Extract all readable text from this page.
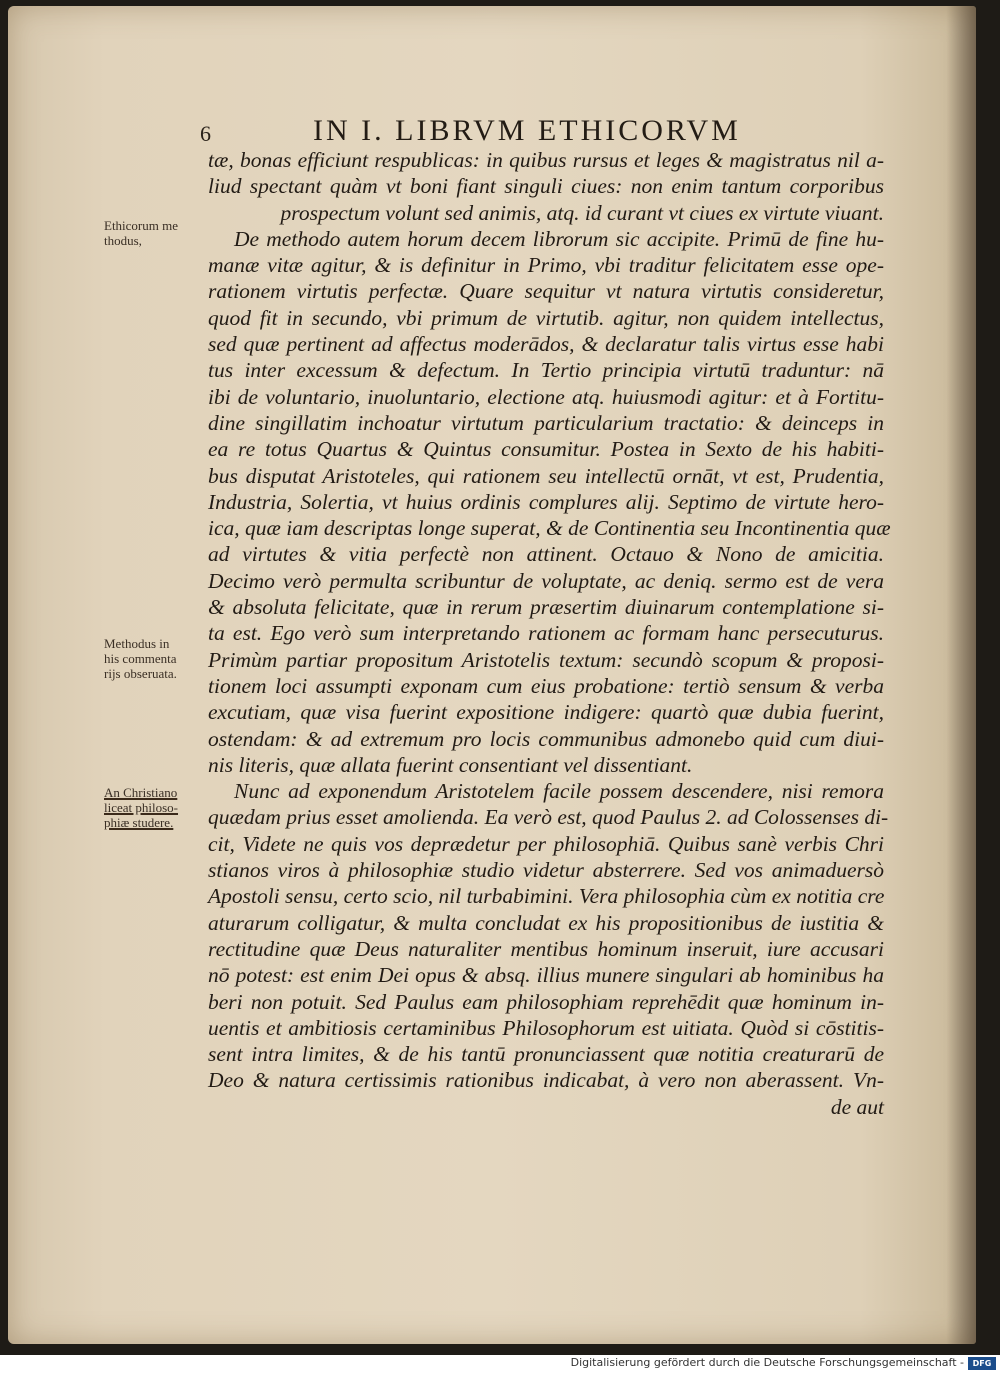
6	IN I. LIBRVM ETHICORVM
Ethicorum me
thodus,
Methodus in
his commenta
rijs obseruata.
An Christiano
liceat philoso-
phiæ studere.
tæ, bonas efficiunt respublicas: in quibus rursus et leges & magistratus nil a-
liud spectant quàm vt boni fiant singuli ciues: non enim tantum corporibus
prospectum volunt sed animis, atq. id curant vt ciues ex virtute viuant.
De methodo autem horum decem librorum sic accipite. Primū de fine hu-
manæ vitæ agitur, & is definitur in Primo, vbi traditur felicitatem esse ope-
rationem virtutis perfectæ. Quare sequitur vt natura virtutis consideretur,
quod fit in secundo, vbi primum de virtutib. agitur, non quidem intellectus,
sed quæ pertinent ad affectus moderādos, & declaratur talis virtus esse habi
tus inter excessum & defectum. In Tertio principia virtutū traduntur: nā
ibi de voluntario, inuoluntario, electione atq. huiusmodi agitur: et à Fortitu-
dine singillatim inchoatur virtutum particularium tractatio: & deinceps in
ea re totus Quartus & Quintus consumitur. Postea in Sexto de his habiti-
bus disputat Aristoteles, qui rationem seu intellectū ornāt, vt est, Prudentia,
Industria, Solertia, vt huius ordinis complures alij. Septimo de virtute hero-
ica, quæ iam descriptas longe superat, & de Continentia seu Incontinentia quæ
ad virtutes & vitia perfectè non attinent. Octauo & Nono de amicitia.
Decimo verò permulta scribuntur de voluptate, ac deniq. sermo est de vera
& absoluta felicitate, quæ in rerum præsertim diuinarum contemplatione si-
ta est. Ego verò sum interpretando rationem ac formam hanc persecuturus.
Primùm partiar propositum Aristotelis textum: secundò scopum & proposi-
tionem loci assumpti exponam cum eius probatione: tertiò sensum & verba
excutiam, quæ visa fuerint expositione indigere: quartò quæ dubia fuerint,
ostendam: & ad extremum pro locis communibus admonebo quid cum diui-
nis literis, quæ allata fuerint consentiant vel dissentiant.
Nunc ad exponendum Aristotelem facile possem descendere, nisi remora
quædam prius esset amolienda. Ea verò est, quod Paulus 2. ad Colossenses di-
cit, Videte ne quis vos deprædetur per philosophiā. Quibus sanè verbis Chri
stianos viros à philosophiæ studio videtur absterrere. Sed vos animaduersò
Apostoli sensu, certo scio, nil turbabimini. Vera philosophia cùm ex notitia cre
aturarum colligatur, & multa concludat ex his propositionibus de iustitia &
rectitudine quæ Deus naturaliter mentibus hominum inseruit, iure accusari
nō potest: est enim Dei opus & absq. illius munere singulari ab hominibus ha
beri non potuit. Sed Paulus eam philosophiam reprehēdit quæ hominum in-
uentis et ambitiosis certaminibus Philosophorum est uitiata. Quòd si cōstitis-
sent intra limites, & de his tantū pronunciassent quæ notitia creaturarū de
Deo & natura certissimis rationibus indicabat, à vero non aberassent. Vn-
de aut
Digitalisierung gefördert durch die Deutsche Forschungsgemeinschaft -	DFG
